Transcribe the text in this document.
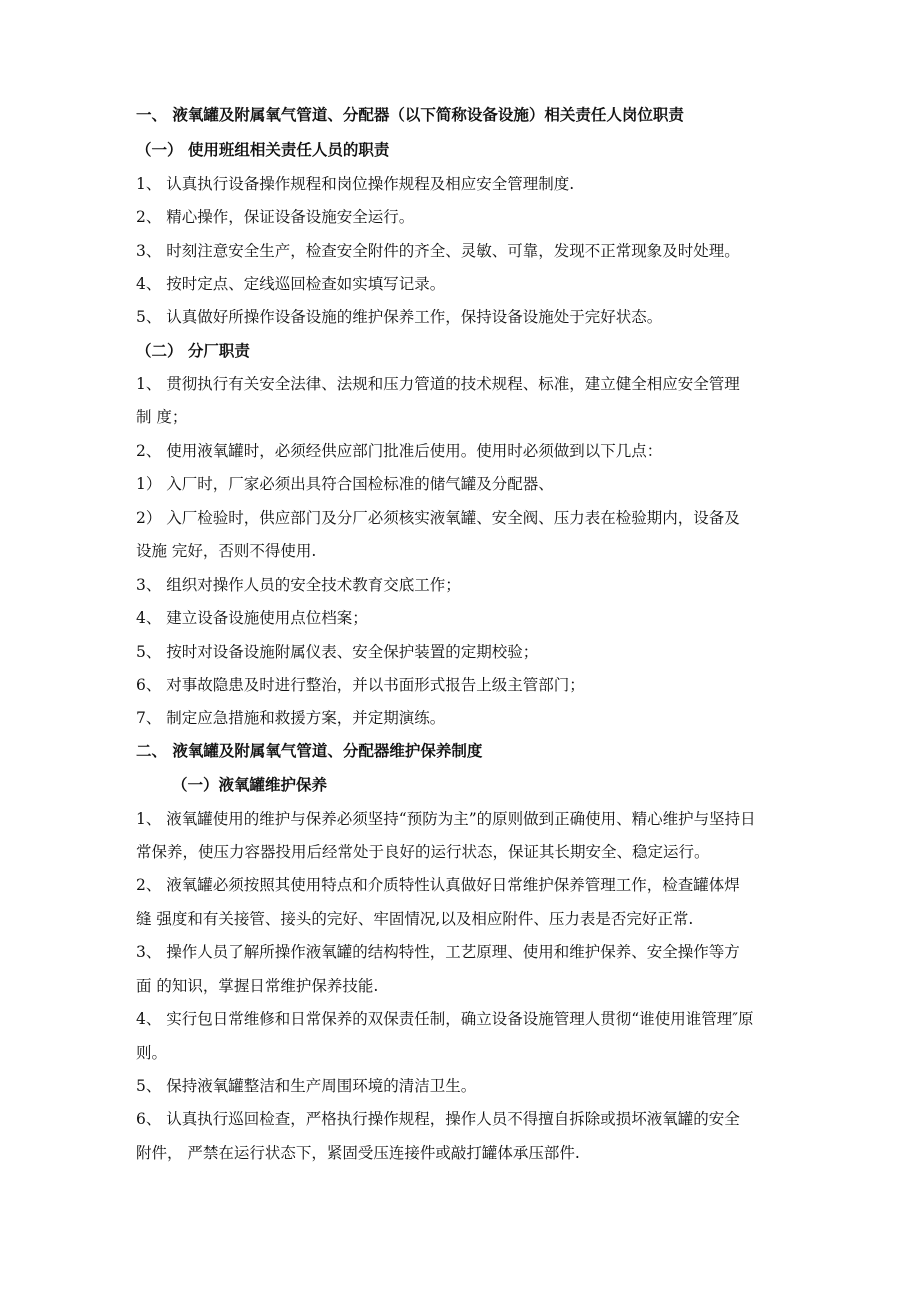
一、 液氧罐及附属氧气管道、分配器（以下简称设备设施）相关责任人岗位职责

（一） 使用班组相关责任人员的职责

1、 认真执行设备操作规程和岗位操作规程及相应安全管理制度.

2、 精心操作，保证设备设施安全运行。

3、 时刻注意安全生产，检查安全附件的齐全、灵敏、可靠，发现不正常现象及时处理。

4、 按时定点、定线巡回检查如实填写记录。

5、 认真做好所操作设备设施的维护保养工作，保持设备设施处于完好状态。

（二） 分厂职责

1、 贯彻执行有关安全法律、法规和压力管道的技术规程、标准，建立健全相应安全管理

制 度；

2、 使用液氧罐时，必须经供应部门批准后使用。使用时必须做到以下几点：

1） 入厂时，厂家必须出具符合国检标准的储气罐及分配器、

2） 入厂检验时，供应部门及分厂必须核实液氧罐、安全阀、压力表在检验期内，设备及

设施 完好，否则不得使用.

3、 组织对操作人员的安全技术教育交底工作；

4、 建立设备设施使用点位档案；

5、 按时对设备设施附属仪表、安全保护装置的定期校验；

6、 对事故隐患及时进行整治，并以书面形式报告上级主管部门；

7、 制定应急措施和救援方案，并定期演练。

二、 液氧罐及附属氧气管道、分配器维护保养制度

（一）液氧罐维护保养

1、 液氧罐使用的维护与保养必须坚持“预防为主”的原则做到正确使用、精心维护与坚持日

常保养，使压力容器投用后经常处于良好的运行状态，保证其长期安全、稳定运行。

2、 液氧罐必须按照其使用特点和介质特性认真做好日常维护保养管理工作，检查罐体焊

缝 强度和有关接管、接头的完好、牢固情况,以及相应附件、压力表是否完好正常.

3、 操作人员了解所操作液氧罐的结构特性，工艺原理、使用和维护保养、安全操作等方

面 的知识，掌握日常维护保养技能.

4、 实行包日常维修和日常保养的双保责任制，确立设备设施管理人贯彻“谁使用谁管理″原

则。

5、 保持液氧罐整洁和生产周围环境的清洁卫生。

6、 认真执行巡回检查，严格执行操作规程，操作人员不得擅自拆除或损坏液氧罐的安全

附件， 严禁在运行状态下，紧固受压连接件或敲打罐体承压部件.
